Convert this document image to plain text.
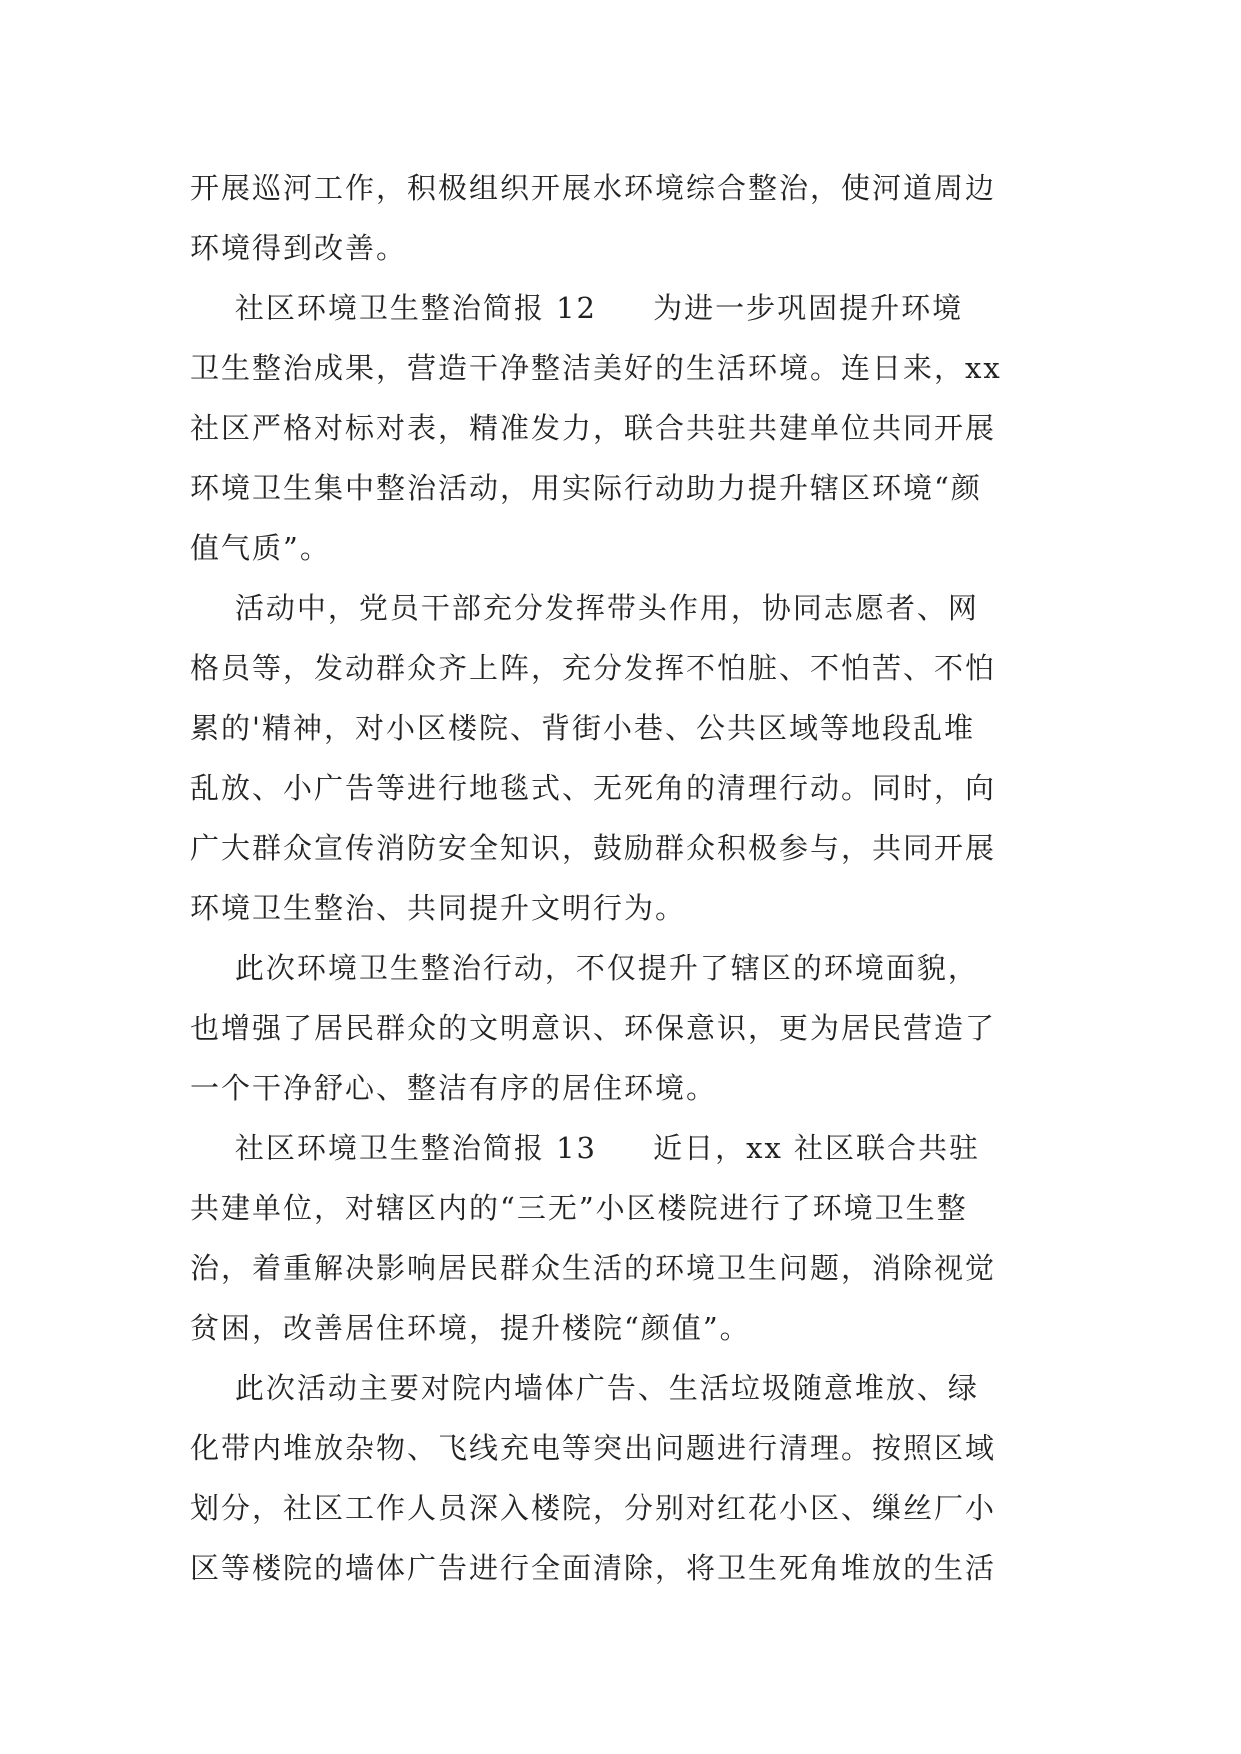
开展巡河工作，积极组织开展水环境综合整治，使河道周边
环境得到改善。
社区环境卫生整治简报 12     为进一步巩固提升环境
卫生整治成果，营造干净整洁美好的生活环境。连日来，xx
社区严格对标对表，精准发力，联合共驻共建单位共同开展
环境卫生集中整治活动，用实际行动助力提升辖区环境“颜
值气质”。
活动中，党员干部充分发挥带头作用，协同志愿者、网
格员等，发动群众齐上阵，充分发挥不怕脏、不怕苦、不怕
累的'精神，对小区楼院、背街小巷、公共区域等地段乱堆
乱放、小广告等进行地毯式、无死角的清理行动。同时，向
广大群众宣传消防安全知识，鼓励群众积极参与，共同开展
环境卫生整治、共同提升文明行为。
此次环境卫生整治行动，不仅提升了辖区的环境面貌，
也增强了居民群众的文明意识、环保意识，更为居民营造了
一个干净舒心、整洁有序的居住环境。
社区环境卫生整治简报 13     近日，xx 社区联合共驻
共建单位，对辖区内的“三无”小区楼院进行了环境卫生整
治，着重解决影响居民群众生活的环境卫生问题，消除视觉
贫困，改善居住环境，提升楼院“颜值”。
此次活动主要对院内墙体广告、生活垃圾随意堆放、绿
化带内堆放杂物、飞线充电等突出问题进行清理。按照区域
划分，社区工作人员深入楼院，分别对红花小区、缫丝厂小
区等楼院的墙体广告进行全面清除，将卫生死角堆放的生活
